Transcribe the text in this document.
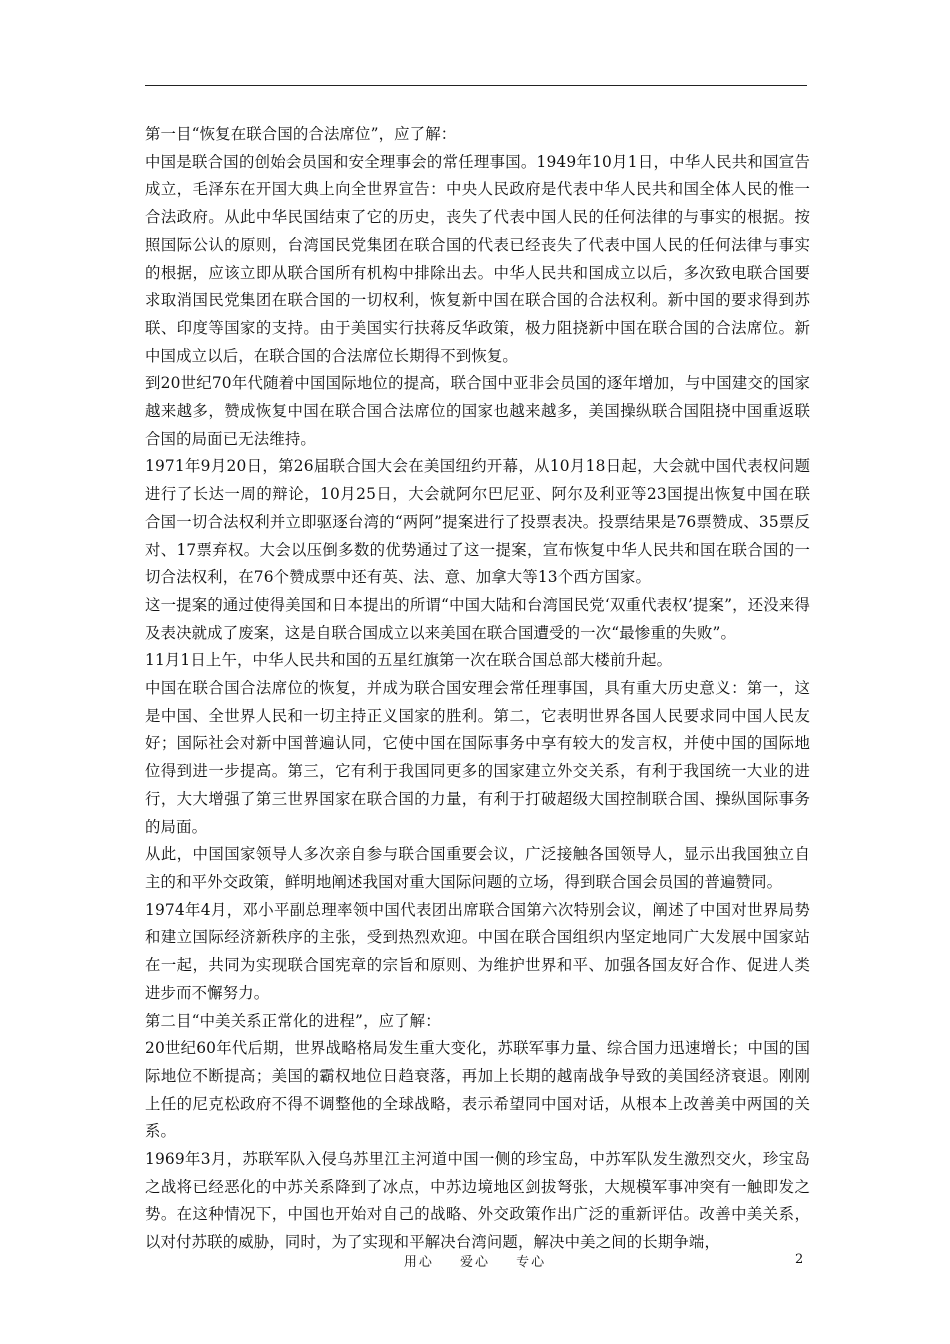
第一目“恢复在联合国的合法席位”，应了解：

中国是联合国的创始会员国和安全理事会的常任理事国。1949年10月1日，中华人民共和国宣告成立，毛泽东在开国大典上向全世界宣告：中央人民政府是代表中华人民共和国全体人民的惟一合法政府。从此中华民国结束了它的历史，丧失了代表中国人民的任何法律的与事实的根据。按照国际公认的原则，台湾国民党集团在联合国的代表已经丧失了代表中国人民的任何法律与事实的根据，应该立即从联合国所有机构中排除出去。中华人民共和国成立以后，多次致电联合国要求取消国民党集团在联合国的一切权利，恢复新中国在联合国的合法权利。新中国的要求得到苏联、印度等国家的支持。由于美国实行扶蒋反华政策，极力阻挠新中国在联合国的合法席位。新中国成立以后，在联合国的合法席位长期得不到恢复。

到20世纪70年代随着中国国际地位的提高，联合国中亚非会员国的逐年增加，与中国建交的国家越来越多，赞成恢复中国在联合国合法席位的国家也越来越多，美国操纵联合国阻挠中国重返联合国的局面已无法维持。

1971年9月20日，第26届联合国大会在美国纽约开幕，从10月18日起，大会就中国代表权问题进行了长达一周的辩论，10月25日，大会就阿尔巴尼亚、阿尔及利亚等23国提出恢复中国在联合国一切合法权利并立即驱逐台湾的“两阿”提案进行了投票表决。投票结果是76票赞成、35票反对、17票弃权。大会以压倒多数的优势通过了这一提案，宣布恢复中华人民共和国在联合国的一切合法权利，在76个赞成票中还有英、法、意、加拿大等13个西方国家。

这一提案的通过使得美国和日本提出的所谓“中国大陆和台湾国民党‘双重代表权’提案”，还没来得及表决就成了废案，这是自联合国成立以来美国在联合国遭受的一次“最惨重的失败”。

11月1日上午，中华人民共和国的五星红旗第一次在联合国总部大楼前升起。

中国在联合国合法席位的恢复，并成为联合国安理会常任理事国，具有重大历史意义：第一，这是中国、全世界人民和一切主持正义国家的胜利。第二，它表明世界各国人民要求同中国人民友好；国际社会对新中国普遍认同，它使中国在国际事务中享有较大的发言权，并使中国的国际地位得到进一步提高。第三，它有利于我国同更多的国家建立外交关系，有利于我国统一大业的进行，大大增强了第三世界国家在联合国的力量，有利于打破超级大国控制联合国、操纵国际事务的局面。

从此，中国国家领导人多次亲自参与联合国重要会议，广泛接触各国领导人，显示出我国独立自主的和平外交政策，鲜明地阐述我国对重大国际问题的立场，得到联合国会员国的普遍赞同。

1974年4月，邓小平副总理率领中国代表团出席联合国第六次特别会议，阐述了中国对世界局势和建立国际经济新秩序的主张，受到热烈欢迎。中国在联合国组织内坚定地同广大发展中国家站在一起，共同为实现联合国宪章的宗旨和原则、为维护世界和平、加强各国友好合作、促进人类进步而不懈努力。

第二目“中美关系正常化的进程”，应了解：

20世纪60年代后期，世界战略格局发生重大变化，苏联军事力量、综合国力迅速增长；中国的国际地位不断提高；美国的霸权地位日趋衰落，再加上长期的越南战争导致的美国经济衰退。刚刚上任的尼克松政府不得不调整他的全球战略，表示希望同中国对话，从根本上改善美中两国的关系。

1969年3月，苏联军队入侵乌苏里江主河道中国一侧的珍宝岛，中苏军队发生激烈交火，珍宝岛之战将已经恶化的中苏关系降到了冰点，中苏边境地区剑拔弩张，大规模军事冲突有一触即发之势。在这种情况下，中国也开始对自己的战略、外交政策作出广泛的重新评估。改善中美关系，以对付苏联的威胁，同时，为了实现和平解决台湾问题，解决中美之间的长期争端，

用心 爱心 专心	2
